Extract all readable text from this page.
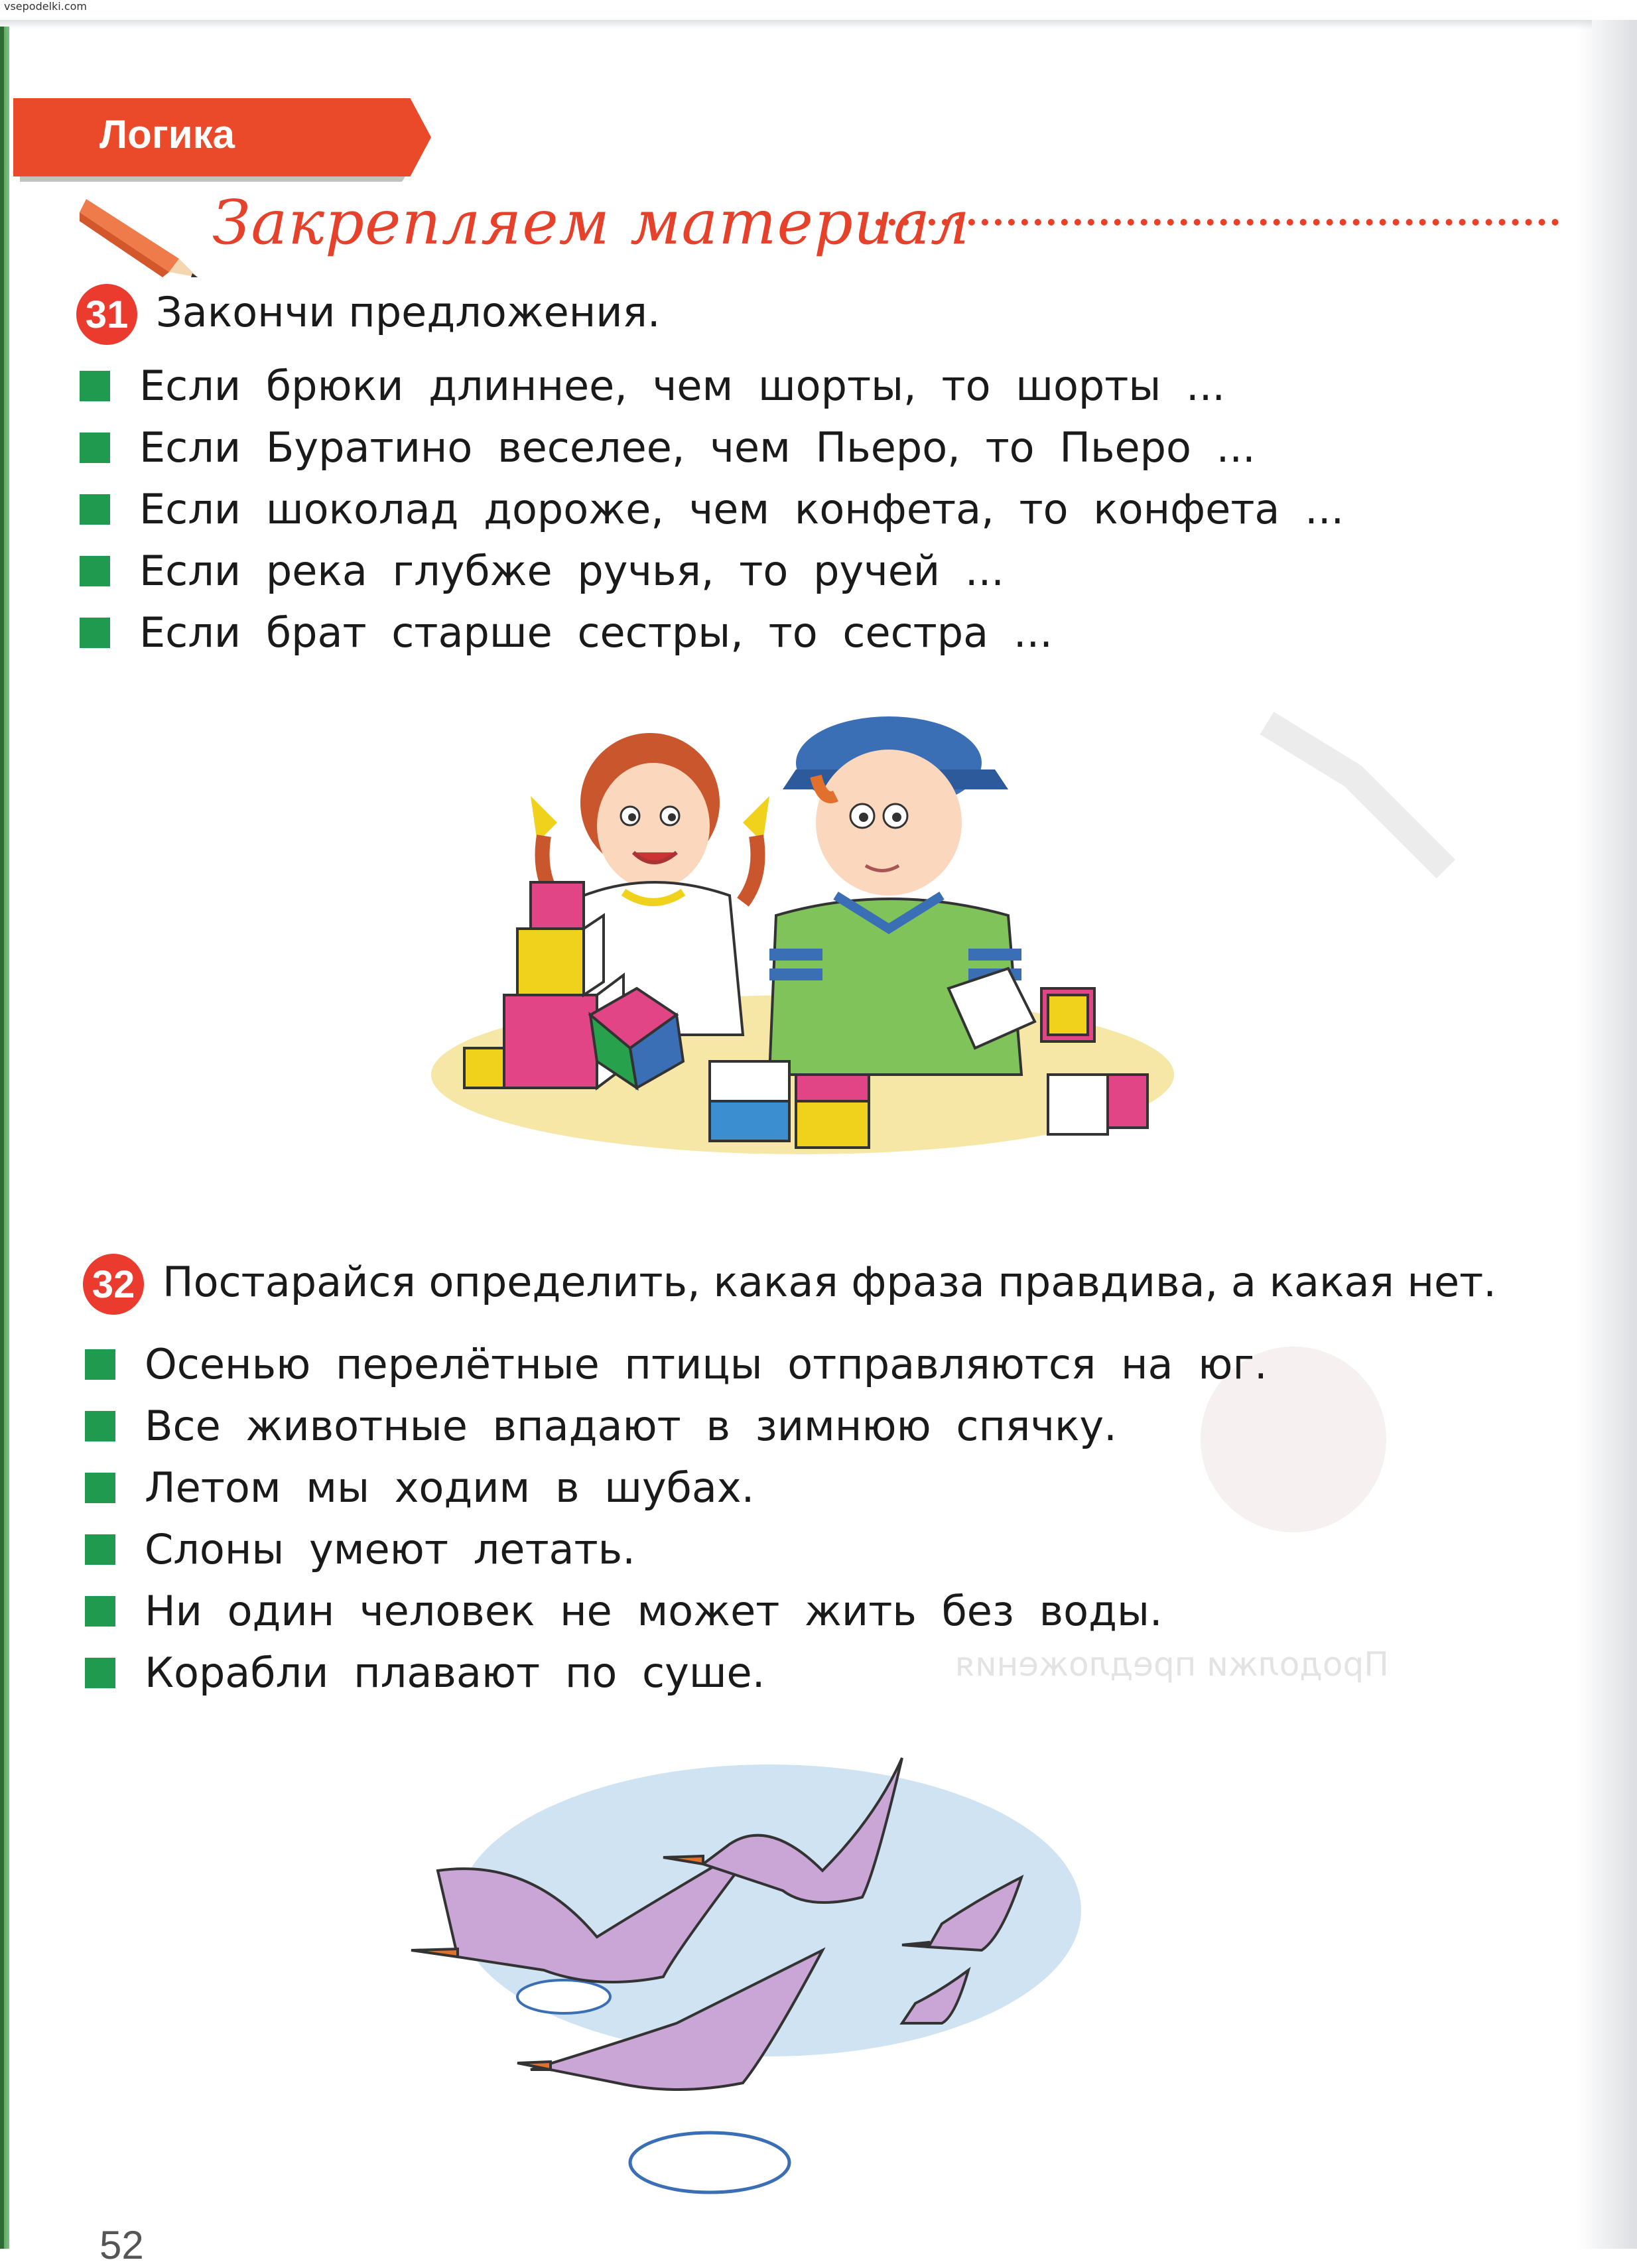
vsepodelki.com
Продолжи предложения
Логика
Закрепляем материал
31 Закончи предложения.
Если брюки длиннее, чем шорты, то шорты ...
Если Буратино веселее, чем Пьеро, то Пьеро ...
Если шоколад дороже, чем конфета, то конфета ...
Если река глубже ручья, то ручей ...
Если брат старше сестры, то сестра ...
32 Постарайся определить, какая фраза правдива, а какая нет.
Осенью перелётные птицы отправляются на юг.
Все животные впадают в зимнюю спячку.
Летом мы ходим в шубах.
Слоны умеют летать.
Ни один человек не может жить без воды.
Корабли плавают по суше.
52
